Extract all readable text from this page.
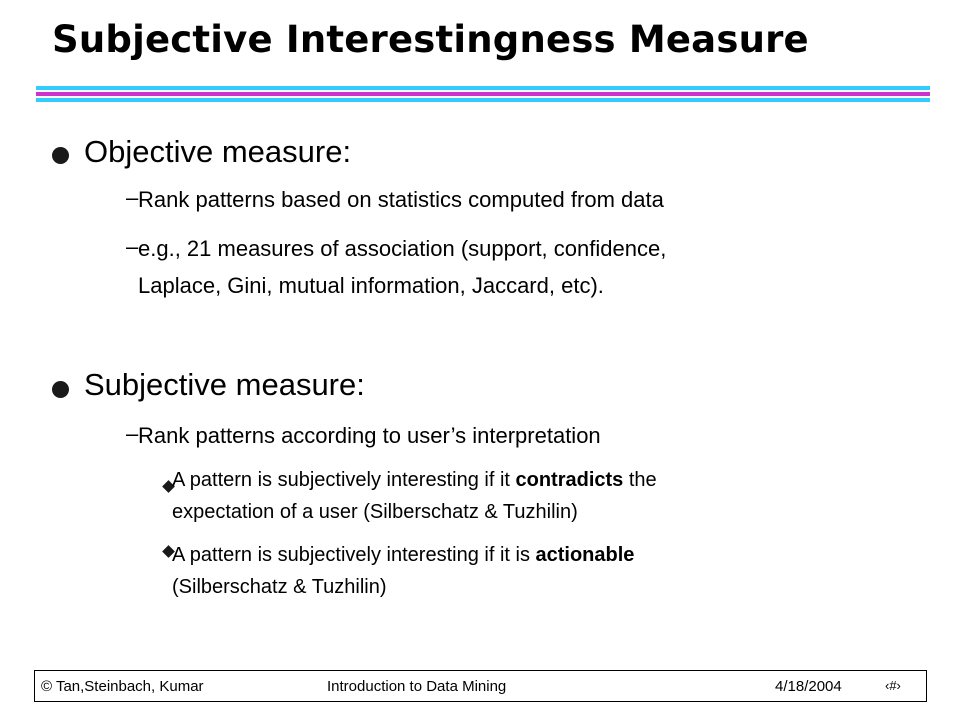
Subjective Interestingness Measure
Objective measure:
– Rank patterns based on statistics computed from data
– e.g., 21 measures of association (support, confidence,
Laplace, Gini, mutual information, Jaccard, etc).
Subjective measure:
– Rank patterns according to user’s interpretation
A pattern is subjectively interesting if it contradicts the
expectation of a user (Silberschatz & Tuzhilin)
A pattern is subjectively interesting if it is actionable
(Silberschatz & Tuzhilin)
© Tan,Steinbach, Kumar	Introduction to Data Mining	4/18/2004	‹#›
